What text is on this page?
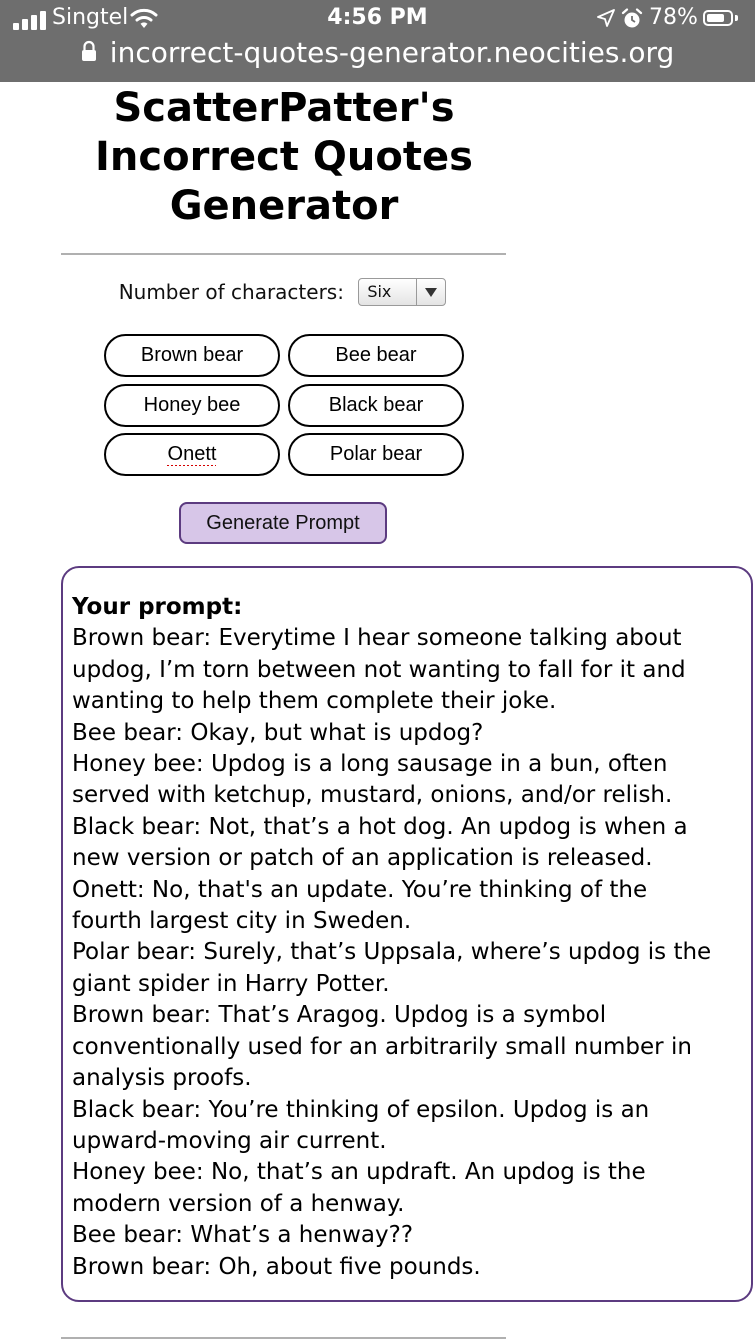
Singtel	4:56 PM	78%
incorrect-quotes-generator.neocities.org
ScatterPatter's
Incorrect Quotes
Generator
Number of characters: Six
Brown bear
Bee bear
Honey bee
Black bear
Onett
Polar bear
Generate Prompt

Your prompt:

Brown bear: Everytime I hear someone talking about
updog, I’m torn between not wanting to fall for it and
wanting to help them complete their joke.

Bee bear: Okay, but what is updog?

Honey bee: Updog is a long sausage in a bun, often
served with ketchup, mustard, onions, and/or relish.

Black bear: Not, that’s a hot dog. An updog is when a
new version or patch of an application is released.

Onett: No, that's an update. You’re thinking of the
fourth largest city in Sweden.

Polar bear: Surely, that’s Uppsala, where’s updog is the
giant spider in Harry Potter.

Brown bear: That’s Aragog. Updog is a symbol
conventionally used for an arbitrarily small number in
analysis proofs.

Black bear: You’re thinking of epsilon. Updog is an
upward-moving air current.

Honey bee: No, that’s an updraft. An updog is the
modern version of a henway.

Bee bear: What’s a henway??

Brown bear: Oh, about five pounds.
